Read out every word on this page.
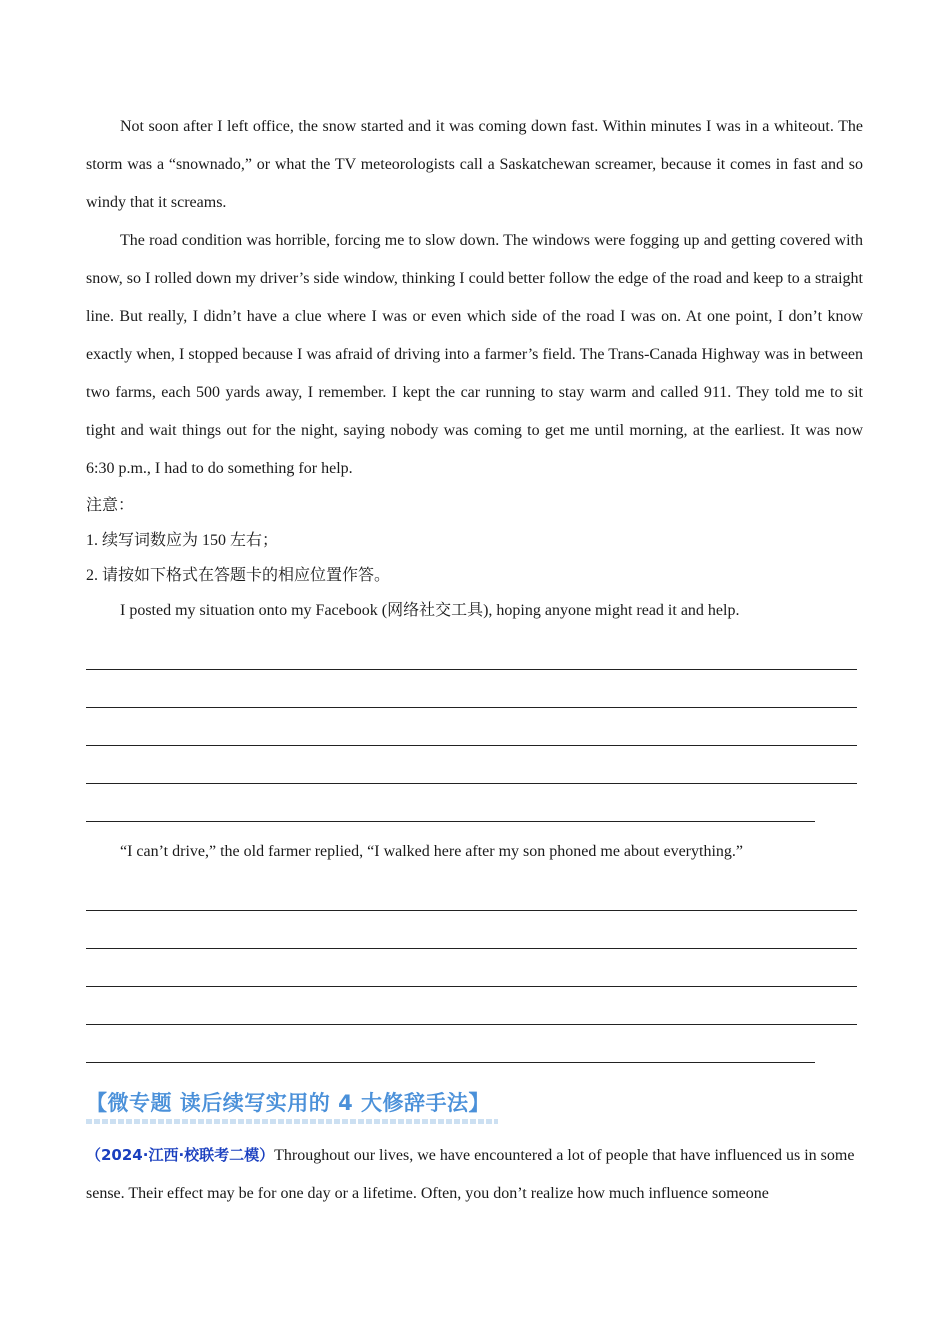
Not soon after I left office, the snow started and it was coming down fast. Within minutes I was in a whiteout. The storm was a “snownado,” or what the TV meteorologists call a Saskatchewan screamer, because it comes in fast and so windy that it screams.

The road condition was horrible, forcing me to slow down. The windows were fogging up and getting covered with snow, so I rolled down my driver’s side window, thinking I could better follow the edge of the road and keep to a straight line. But really, I didn’t have a clue where I was or even which side of the road I was on. At one point, I don’t know exactly when, I stopped because I was afraid of driving into a farmer’s field. The Trans-Canada Highway was in between two farms, each 500 yards away, I remember. I kept the car running to stay warm and called 911. They told me to sit tight and wait things out for the night, saying nobody was coming to get me until morning, at the earliest. It was now 6:30 p.m., I had to do something for help.

注意：

1. 续写词数应为 150 左右；

2. 请按如下格式在答题卡的相应位置作答。

I posted my situation onto my Facebook (网络社交工具), hoping anyone might read it and help.

“I can’t drive,” the old farmer replied, “I walked here after my son phoned me about everything.”

【微专题 读后续写实用的 4 大修辞手法】

（2024·江西·校联考二模）Throughout our lives, we have encountered a lot of people that have influenced us in some sense. Their effect may be for one day or a lifetime. Often, you don’t realize how much influence someone
